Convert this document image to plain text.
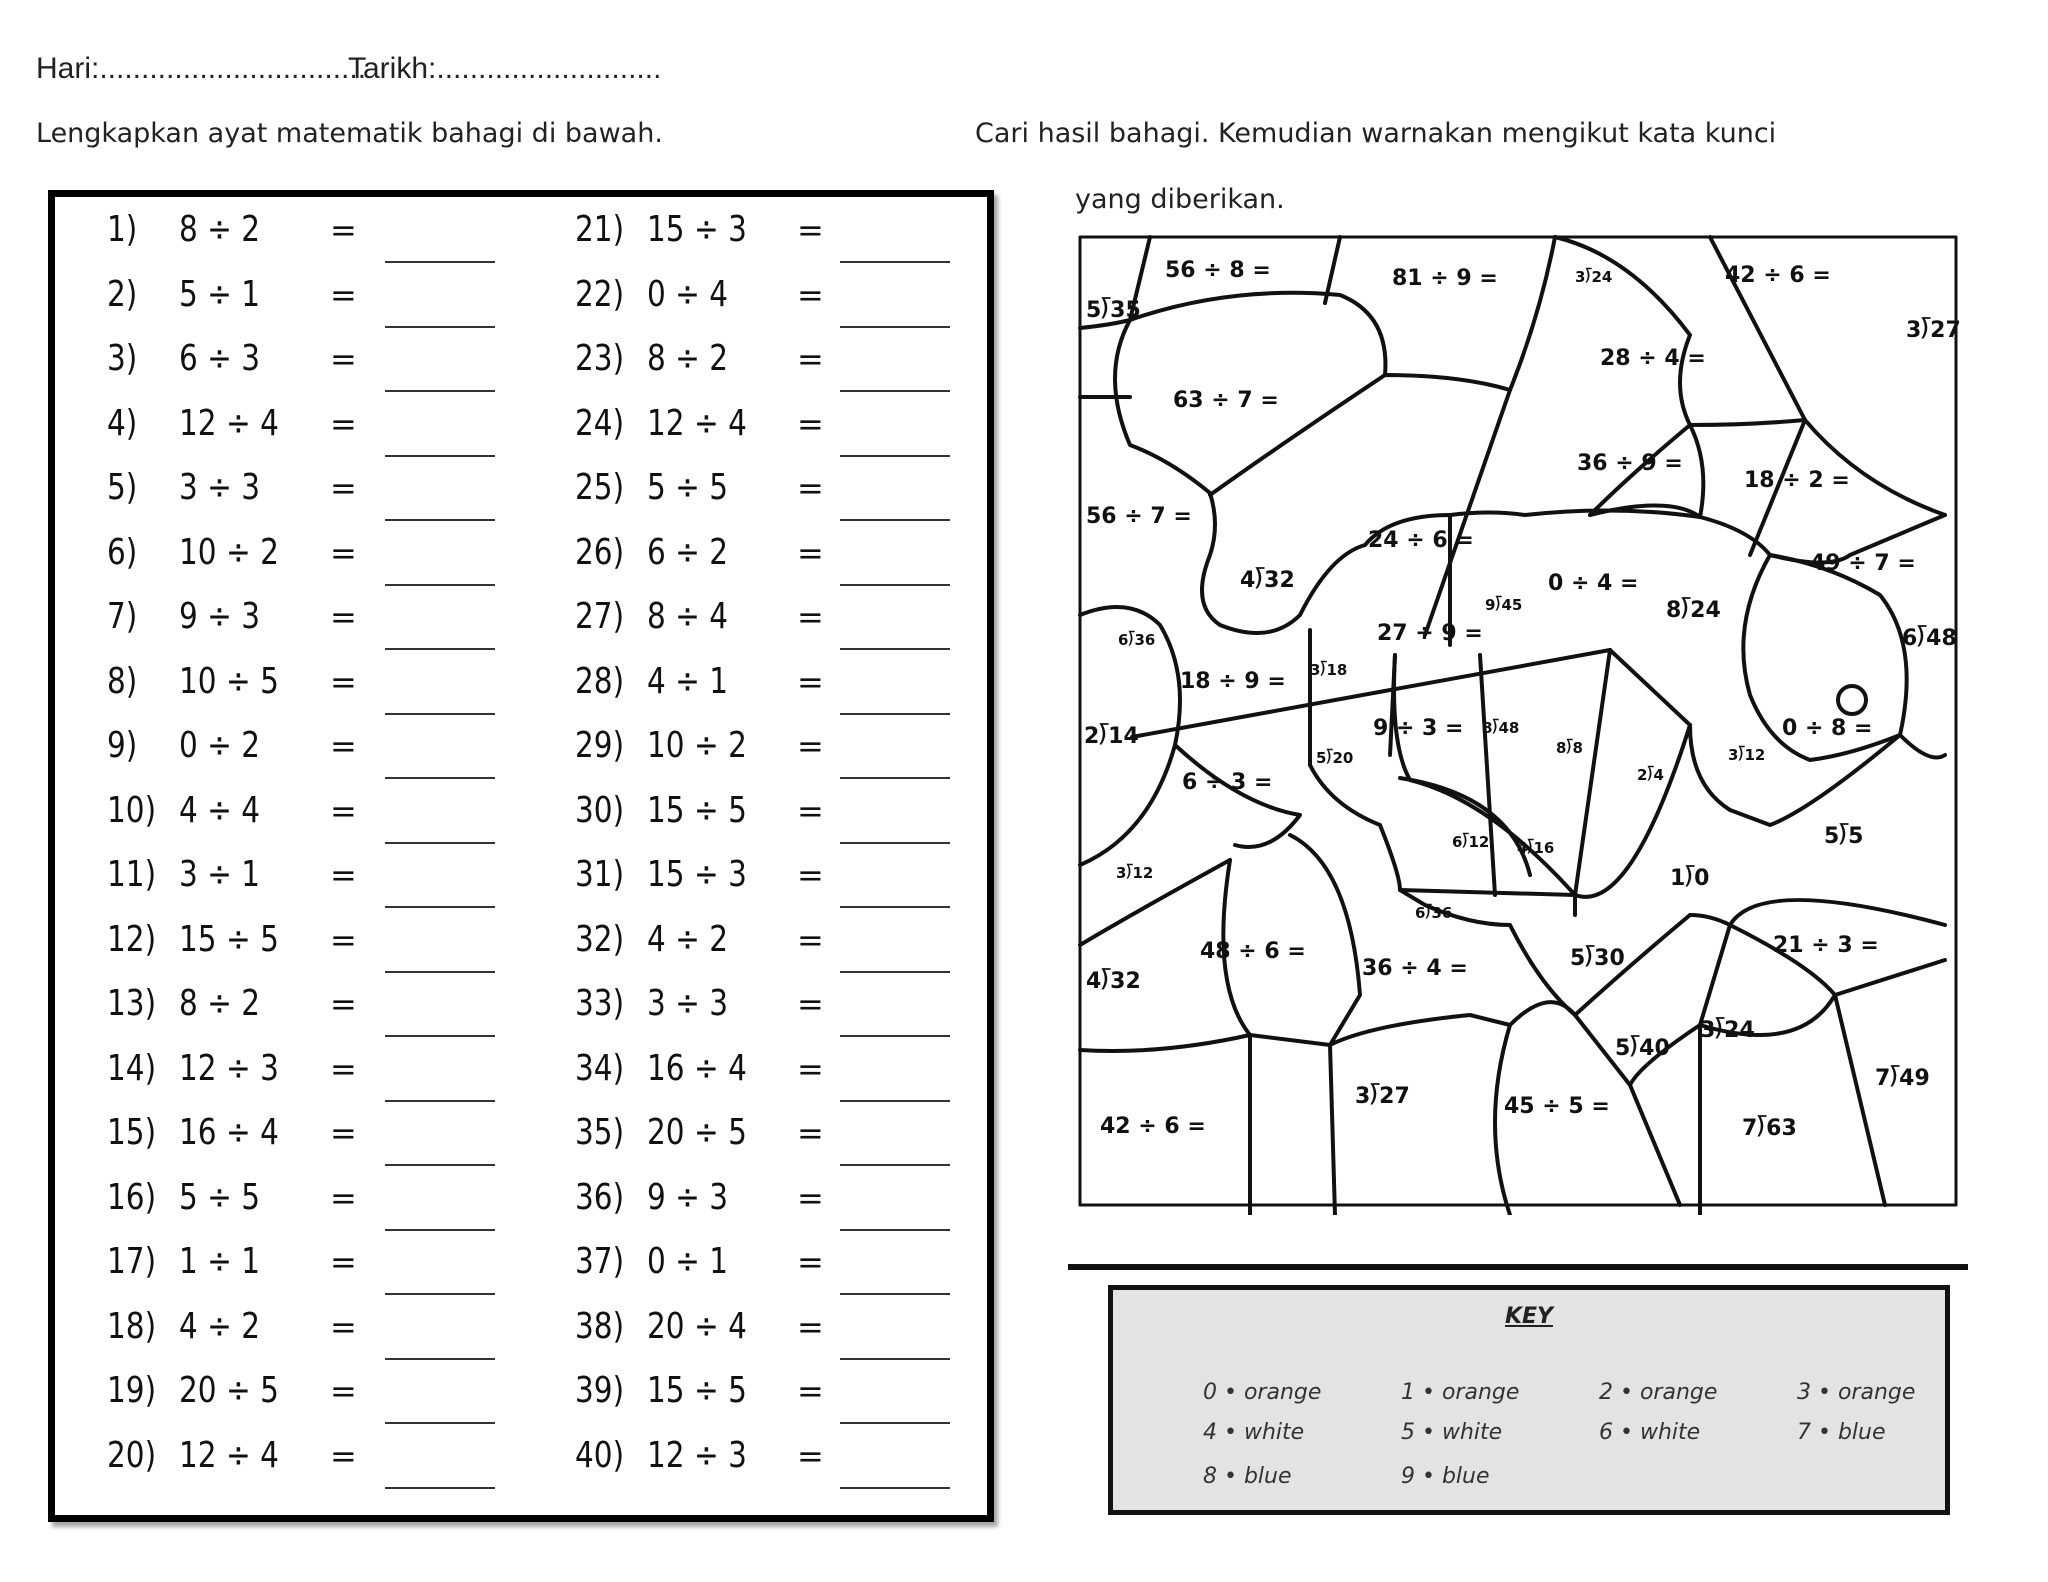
Hari:................................
Tarikh:...........................
Lengkapkan ayat matematik bahagi di bawah.	Cari hasil bahagi. Kemudian warnakan mengikut kata kunci
yang diberikan.
1) 8 ÷ 2 =
2) 5 ÷ 1 =
3) 6 ÷ 3 =
4) 12 ÷ 4 =
5) 3 ÷ 3 =
6) 10 ÷ 2 =
7) 9 ÷ 3 =
8) 10 ÷ 5 =
9) 0 ÷ 2 =
10) 4 ÷ 4 =
11) 3 ÷ 1 =
12) 15 ÷ 5 =
13) 8 ÷ 2 =
14) 12 ÷ 3 =
15) 16 ÷ 4 =
16) 5 ÷ 5 =
17) 1 ÷ 1 =
18) 4 ÷ 2 =
19) 20 ÷ 5 =
20) 12 ÷ 4 =
21) 15 ÷ 3 =
22) 0 ÷ 4 =
23) 8 ÷ 2 =
24) 12 ÷ 4 =
25) 5 ÷ 5 =
26) 6 ÷ 2 =
27) 8 ÷ 4 =
28) 4 ÷ 1 =
29) 10 ÷ 2 =
30) 15 ÷ 5 =
31) 15 ÷ 3 =
32) 4 ÷ 2 =
33) 3 ÷ 3 =
34) 16 ÷ 4 =
35) 20 ÷ 5 =
36) 9 ÷ 3 =
37) 0 ÷ 1 =
38) 20 ÷ 4 =
39) 15 ÷ 5 =
40) 12 ÷ 3 =
56 ÷ 8 =	81 ÷ 9 =	3⟌24	42 ÷ 6 =
5⟌35
3⟌27
28 ÷ 4 =
63 ÷ 7 =
36 ÷ 9 =
18 ÷ 2 =
56 ÷ 7 =
24 ÷ 6 =
4⟌32
9⟌45
0 ÷ 4 =
8⟌24
49 ÷ 7 =
6⟌48
6⟌36	27 ÷ 9 =
3⟌18
18 ÷ 9 =
9 ÷ 3 = 8⟌48
8⟌8
2⟌4
3⟌12
0 ÷ 8 =
2⟌14
5⟌20
6 ÷ 3 =
6⟌12 4⟌16	5⟌5
3⟌12	1⟌0
6⟌36
48 ÷ 6 =
36 ÷ 4 =	5⟌30
21 ÷ 3 =
4⟌32
5⟌40
3⟌24
7⟌49
3⟌27	45 ÷ 5 =
7⟌63
42 ÷ 6 =
KEY
0 • orange	1 • orange	2 • orange	3 • orange
4 • white	5 • white	6 • white	7 • blue
8 • blue	9 • blue
